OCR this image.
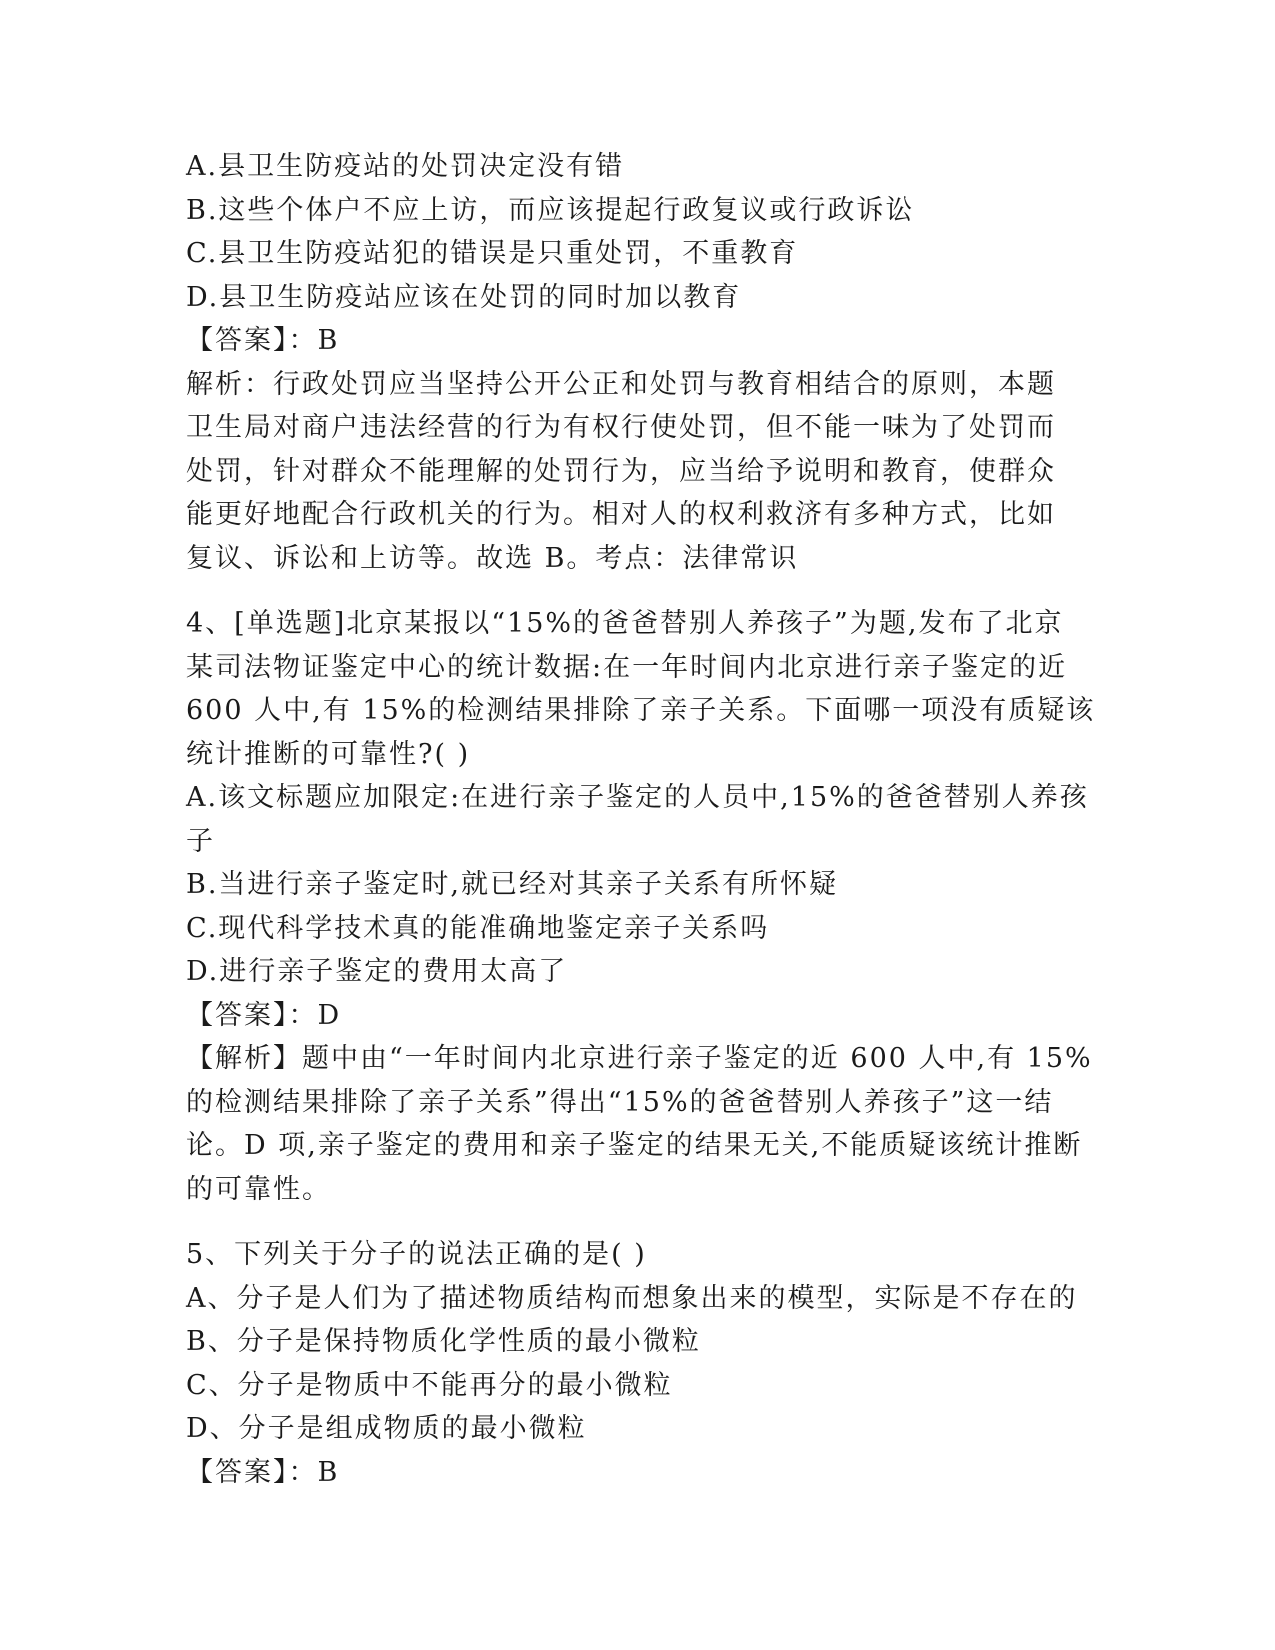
A.县卫生防疫站的处罚决定没有错
B.这些个体户不应上访，而应该提起行政复议或行政诉讼
C.县卫生防疫站犯的错误是只重处罚，不重教育
D.县卫生防疫站应该在处罚的同时加以教育
【答案】：B
解析：行政处罚应当坚持公开公正和处罚与教育相结合的原则，本题
卫生局对商户违法经营的行为有权行使处罚，但不能一味为了处罚而
处罚，针对群众不能理解的处罚行为，应当给予说明和教育，使群众
能更好地配合行政机关的行为。相对人的权利救济有多种方式，比如
复议、诉讼和上访等。故选 B。考点：法律常识
4、[单选题]北京某报以“15%的爸爸替别人养孩子”为题,发布了北京
某司法物证鉴定中心的统计数据:在一年时间内北京进行亲子鉴定的近
600 人中,有 15%的检测结果排除了亲子关系。下面哪一项没有质疑该
统计推断的可靠性?( )
A.该文标题应加限定:在进行亲子鉴定的人员中,15%的爸爸替别人养孩
子
B.当进行亲子鉴定时,就已经对其亲子关系有所怀疑
C.现代科学技术真的能准确地鉴定亲子关系吗
D.进行亲子鉴定的费用太高了
【答案】：D
【解析】题中由“一年时间内北京进行亲子鉴定的近 600 人中,有 15%
的检测结果排除了亲子关系”得出“15%的爸爸替别人养孩子”这一结
论。D 项,亲子鉴定的费用和亲子鉴定的结果无关,不能质疑该统计推断
的可靠性。
5、下列关于分子的说法正确的是( )
A、分子是人们为了描述物质结构而想象出来的模型，实际是不存在的
B、分子是保持物质化学性质的最小微粒
C、分子是物质中不能再分的最小微粒
D、分子是组成物质的最小微粒
【答案】：B
